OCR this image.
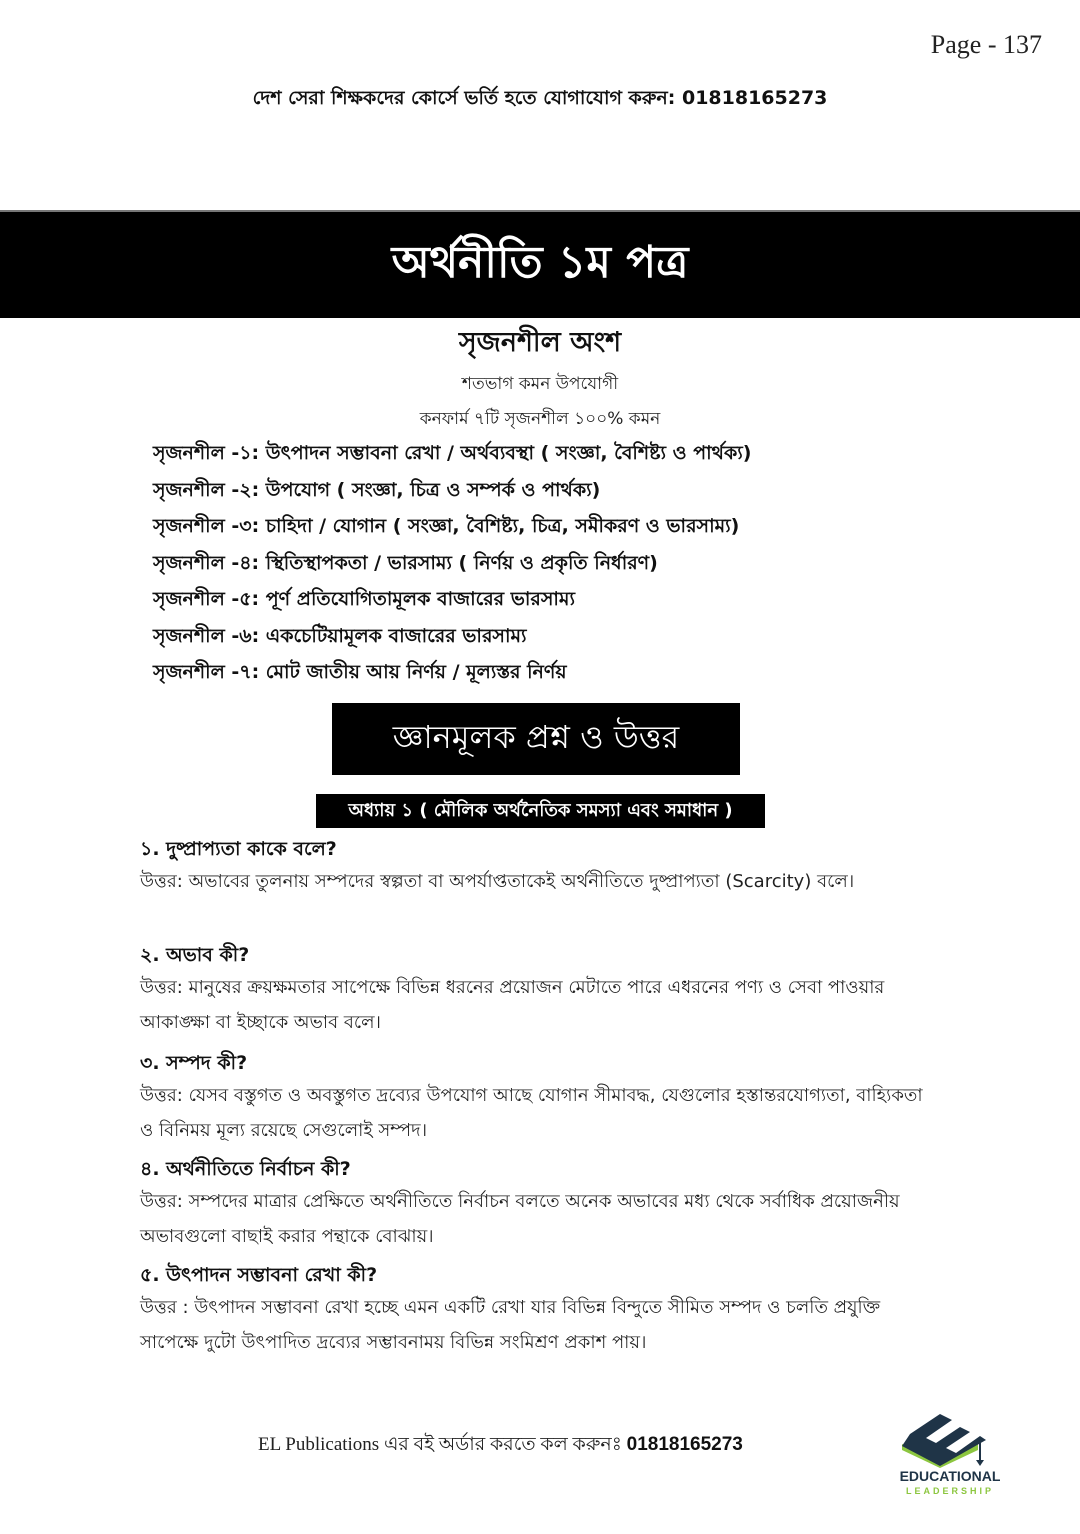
Page - 137
দেশ সেরা শিক্ষকদের কোর্সে ভর্তি হতে যোগাযোগ করুন: 01818165273
অর্থনীতি ১ম পত্র
সৃজনশীল অংশ
শতভাগ কমন উপযোগী
কনফার্ম ৭টি সৃজনশীল ১০০% কমন
সৃজনশীল -১: উৎপাদন সম্ভাবনা রেখা / অর্থব্যবস্থা ( সংজ্ঞা, বৈশিষ্ট্য ও পার্থক্য)
সৃজনশীল -২: উপযোগ ( সংজ্ঞা, চিত্র ও সম্পর্ক ও পার্থক্য)
সৃজনশীল -৩: চাহিদা / যোগান ( সংজ্ঞা, বৈশিষ্ট্য, চিত্র, সমীকরণ ও ভারসাম্য)
সৃজনশীল -৪: স্থিতিস্থাপকতা / ভারসাম্য ( নির্ণয় ও প্রকৃতি নির্ধারণ)
সৃজনশীল -৫: পূর্ণ প্রতিযোগিতামূলক বাজারের ভারসাম্য
সৃজনশীল -৬: একচেটিয়ামূলক বাজারের ভারসাম্য
সৃজনশীল -৭: মোট জাতীয় আয় নির্ণয় / মূল্যস্তর নির্ণয়
জ্ঞানমূলক প্রশ্ন ও উত্তর
অধ্যায় ১ ( মৌলিক অর্থনৈতিক সমস্যা এবং সমাধান )
১. দুষ্প্রাপ্যতা কাকে বলে?
উত্তর: অভাবের তুলনায় সম্পদের স্বল্পতা বা অপর্যাপ্ততাকেই অর্থনীতিতে দুষ্প্রাপ্যতা (Scarcity) বলে।
২. অভাব কী?
উত্তর: মানুষের ক্রয়ক্ষমতার সাপেক্ষে বিভিন্ন ধরনের প্রয়োজন মেটাতে পারে এধরনের পণ্য ও সেবা পাওয়ার আকাঙ্ক্ষা বা ইচ্ছাকে অভাব বলে।
৩. সম্পদ কী?
উত্তর: যেসব বস্তুগত ও অবস্তুগত দ্রব্যের উপযোগ আছে যোগান সীমাবদ্ধ, যেগুলোর হস্তান্তরযোগ্যতা, বাহ্যিকতা ও বিনিময় মূল্য রয়েছে সেগুলোই সম্পদ।
৪. অর্থনীতিতে নির্বাচন কী?
উত্তর: সম্পদের মাত্রার প্রেক্ষিতে অর্থনীতিতে নির্বাচন বলতে অনেক অভাবের মধ্য থেকে সর্বাধিক প্রয়োজনীয় অভাবগুলো বাছাই করার পন্থাকে বোঝায়।
৫. উৎপাদন সম্ভাবনা রেখা কী?
উত্তর : উৎপাদন সম্ভাবনা রেখা হচ্ছে এমন একটি রেখা যার বিভিন্ন বিন্দুতে সীমিত সম্পদ ও চলতি প্রযুক্তি সাপেক্ষে দুটো উৎপাদিত দ্রব্যের সম্ভাবনাময় বিভিন্ন সংমিশ্রণ প্রকাশ পায়।
EL Publications এর বই অর্ডার করতে কল করুনঃ 01818165273
EDUCATIONAL
LEADERSHIP
